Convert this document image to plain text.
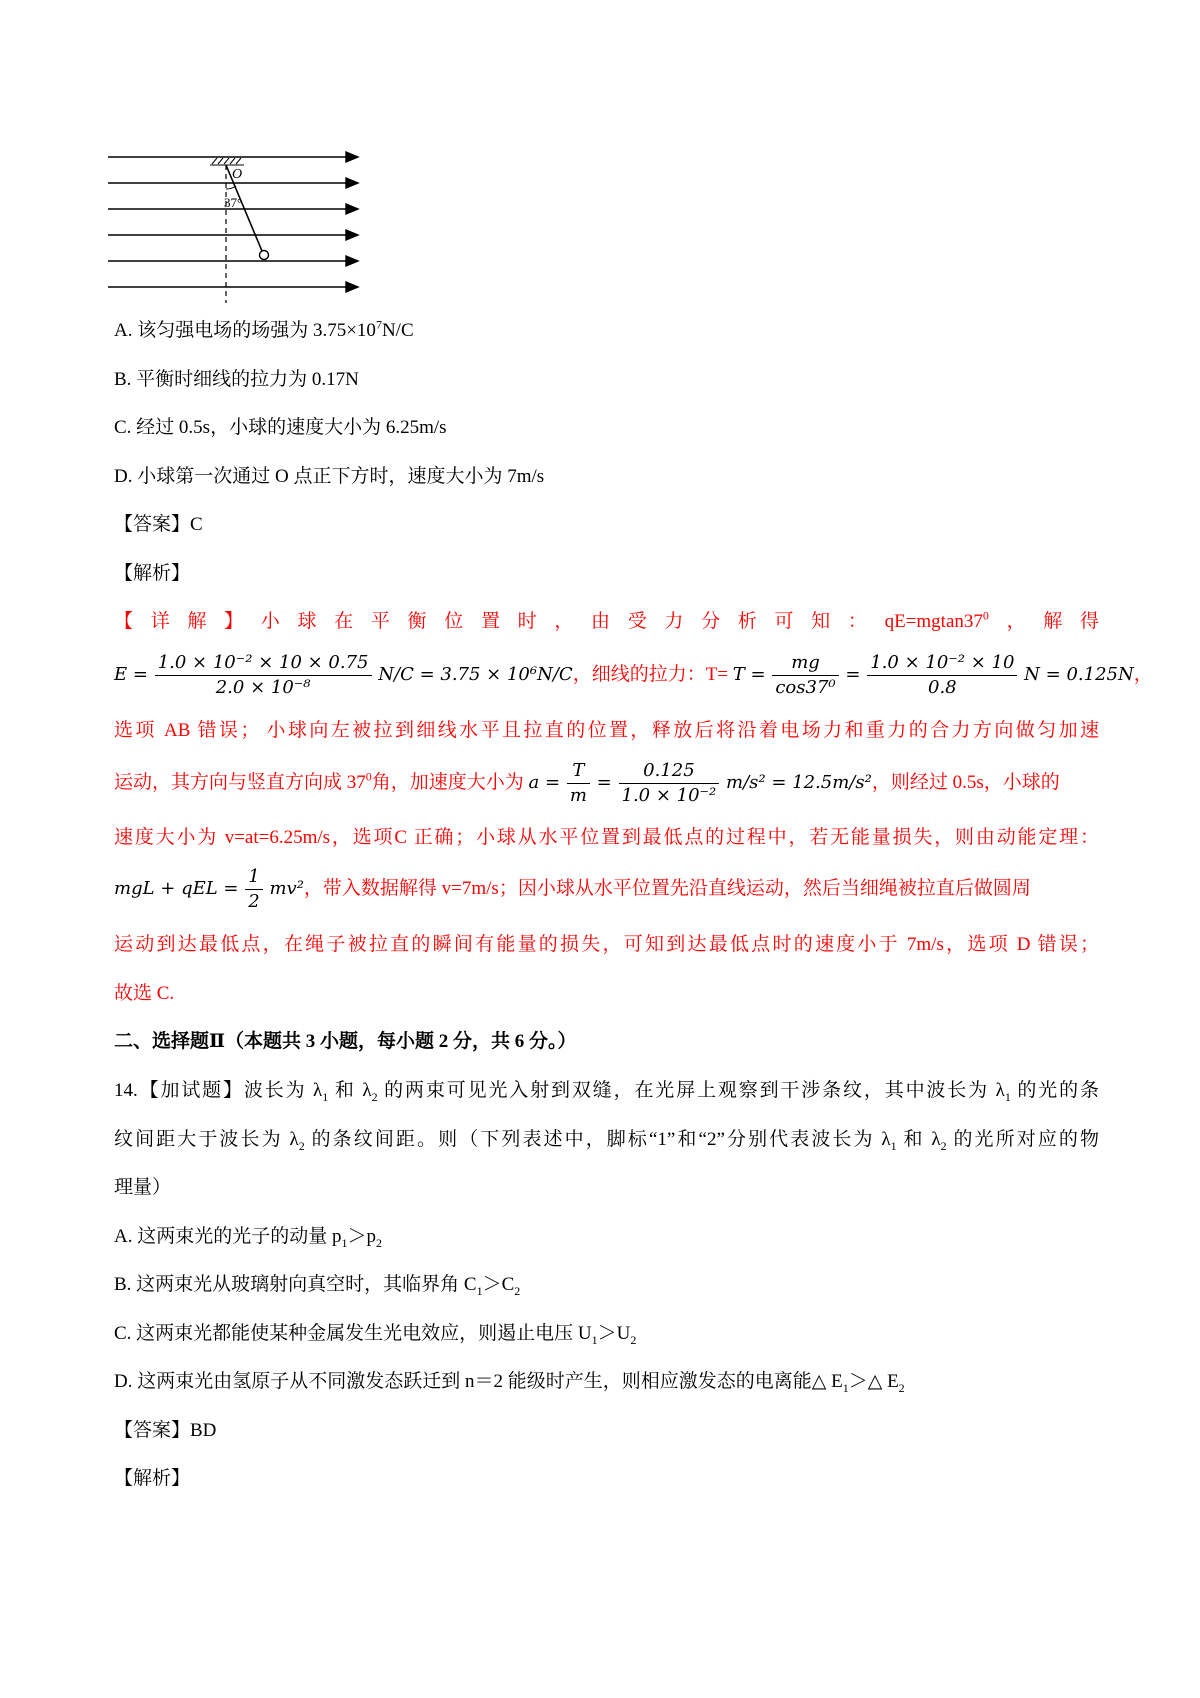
O
37°
A. 该匀强电场的场强为 $3.75\times 10^7N/C$
B. 平衡时细线的拉力为 0.17N
C. 经过 0.5s，小球的速度大小为 6.25m/s
D. 小球第一次通过 O 点正下方时，速度大小为 7m/s
【答案】C
【解析】
【详解】小球在平衡位置时，由受力分析可知：$qE=mgtan37^0$，解得
$E = \frac{\text{1.0 × 10⁻² × 10 × 0.75}}{\text{2.0 × 10⁻⁸}} N/C = 3.75 \times 10^6N/C$，细线的拉力：$T= T = \frac{mg}{\text{cos37⁰}} = \frac{\text{1.0 × 10⁻² × 10}}{0.8}$ N = 0.125N，
选项 AB 错误； 小球向左被拉到细线水平且拉直的位置，释放后将沿着电场力和重力的合力方向做匀加速
运动，其方向与竖直方向成 $37^0$角，加速度大小为 $a = \frac{T}{m} = \frac{0.125}{\text{1.0 × 10⁻²}} m/s^2 = 12.5m/s^2$，则经过 0.5s，小球的
速度大小为 v=at=6.25m/s，选项C 正确；小球从水平位置到最低点的过程中，若无能量损失，则由动能定理：
mgL + qEL = $\frac{1}{2} mv^2$，带入数据解得 v=7m/s；因小球从水平位置先沿直线运动，然后当细绳被拉直后做圆周
运动到达最低点，在绳子被拉直的瞬间有能量的损失，可知到达最低点时的速度小于 7m/s，选项 D 错误；
故选 C.
二、选择题Ⅱ（本题共 3 小题，每小题 2 分，共 6 分。）
14.【加试题】波长为 $\lambda_1$ 和 $\lambda_2$ 的两束可见光入射到双缝，在光屏上观察到干涉条纹，其中波长为 $\lambda_1$ 的光的条
纹间距大于波长为 $\lambda_2$ 的条纹间距。则（下列表述中，脚标“1”和“2”分别代表波长为 $\lambda_1$ 和 $\lambda_2$ 的光所对应的物
理量）
A. 这两束光的光子的动量 $p_1>p_2$
B. 这两束光从玻璃射向真空时，其临界角 $C_1>C_2$
C. 这两束光都能使某种金属发生光电效应，则遏止电压 $U_1>U_2$
D. 这两束光由氢原子从不同激发态跃迁到 n＝2 能级时产生，则相应激发态的电离能△ $E_1>\triangle$ $E_2$
【答案】BD
【解析】
